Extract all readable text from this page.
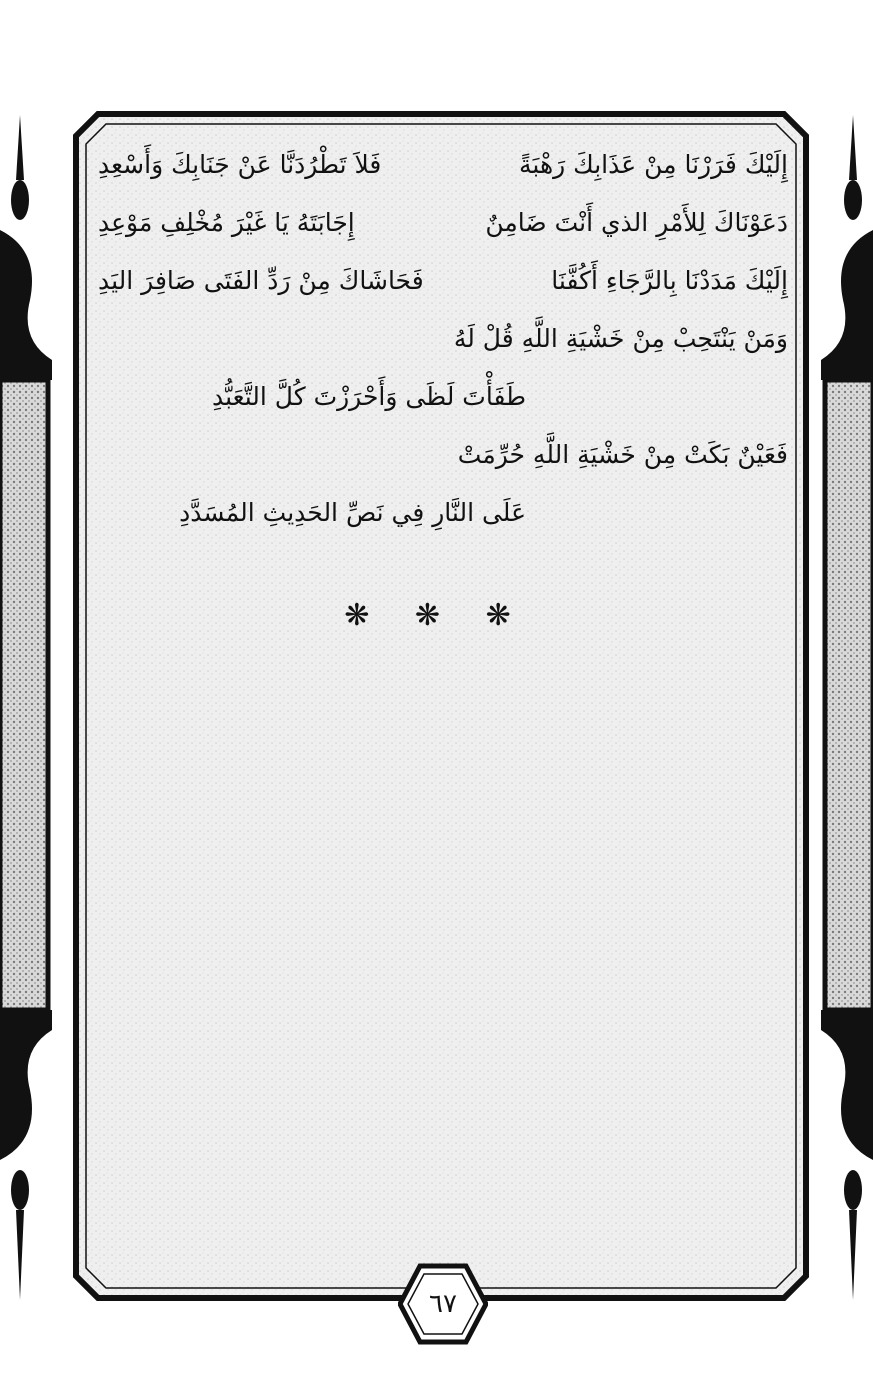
إِلَيْكَ فَرَرْنَا مِنْ عَذَابِكَ رَهْبَةً
فَلاَ تَطْرُدَنَّا عَنْ جَنَابِكَ وَأَسْعِدِ
دَعَوْنَاكَ لِلأَمْرِ الذي أَنْتَ ضَامِنٌ
إِجَابَتَهُ يَا غَيْرَ مُخْلِفِ مَوْعِدِ
إِلَيْكَ مَدَدْنَا بِالرَّجَاءِ أَكُفَّنَا
فَحَاشَاكَ مِنْ رَدِّ الفَتَى صَافِرَ اليَدِ
وَمَنْ يَنْتَحِبْ مِنْ خَشْيَةِ اللَّهِ قُلْ لَهُ
طَفَأْتَ لَظَى وَأَحْرَزْتَ كُلَّ التَّعَبُّدِ
فَعَيْنٌ بَكَتْ مِنْ خَشْيَةِ اللَّهِ حُرِّمَتْ
عَلَى النَّارِ فِي نَصِّ الحَدِيثِ المُسَدَّدِ
❋ ❋ ❋
٦٧
